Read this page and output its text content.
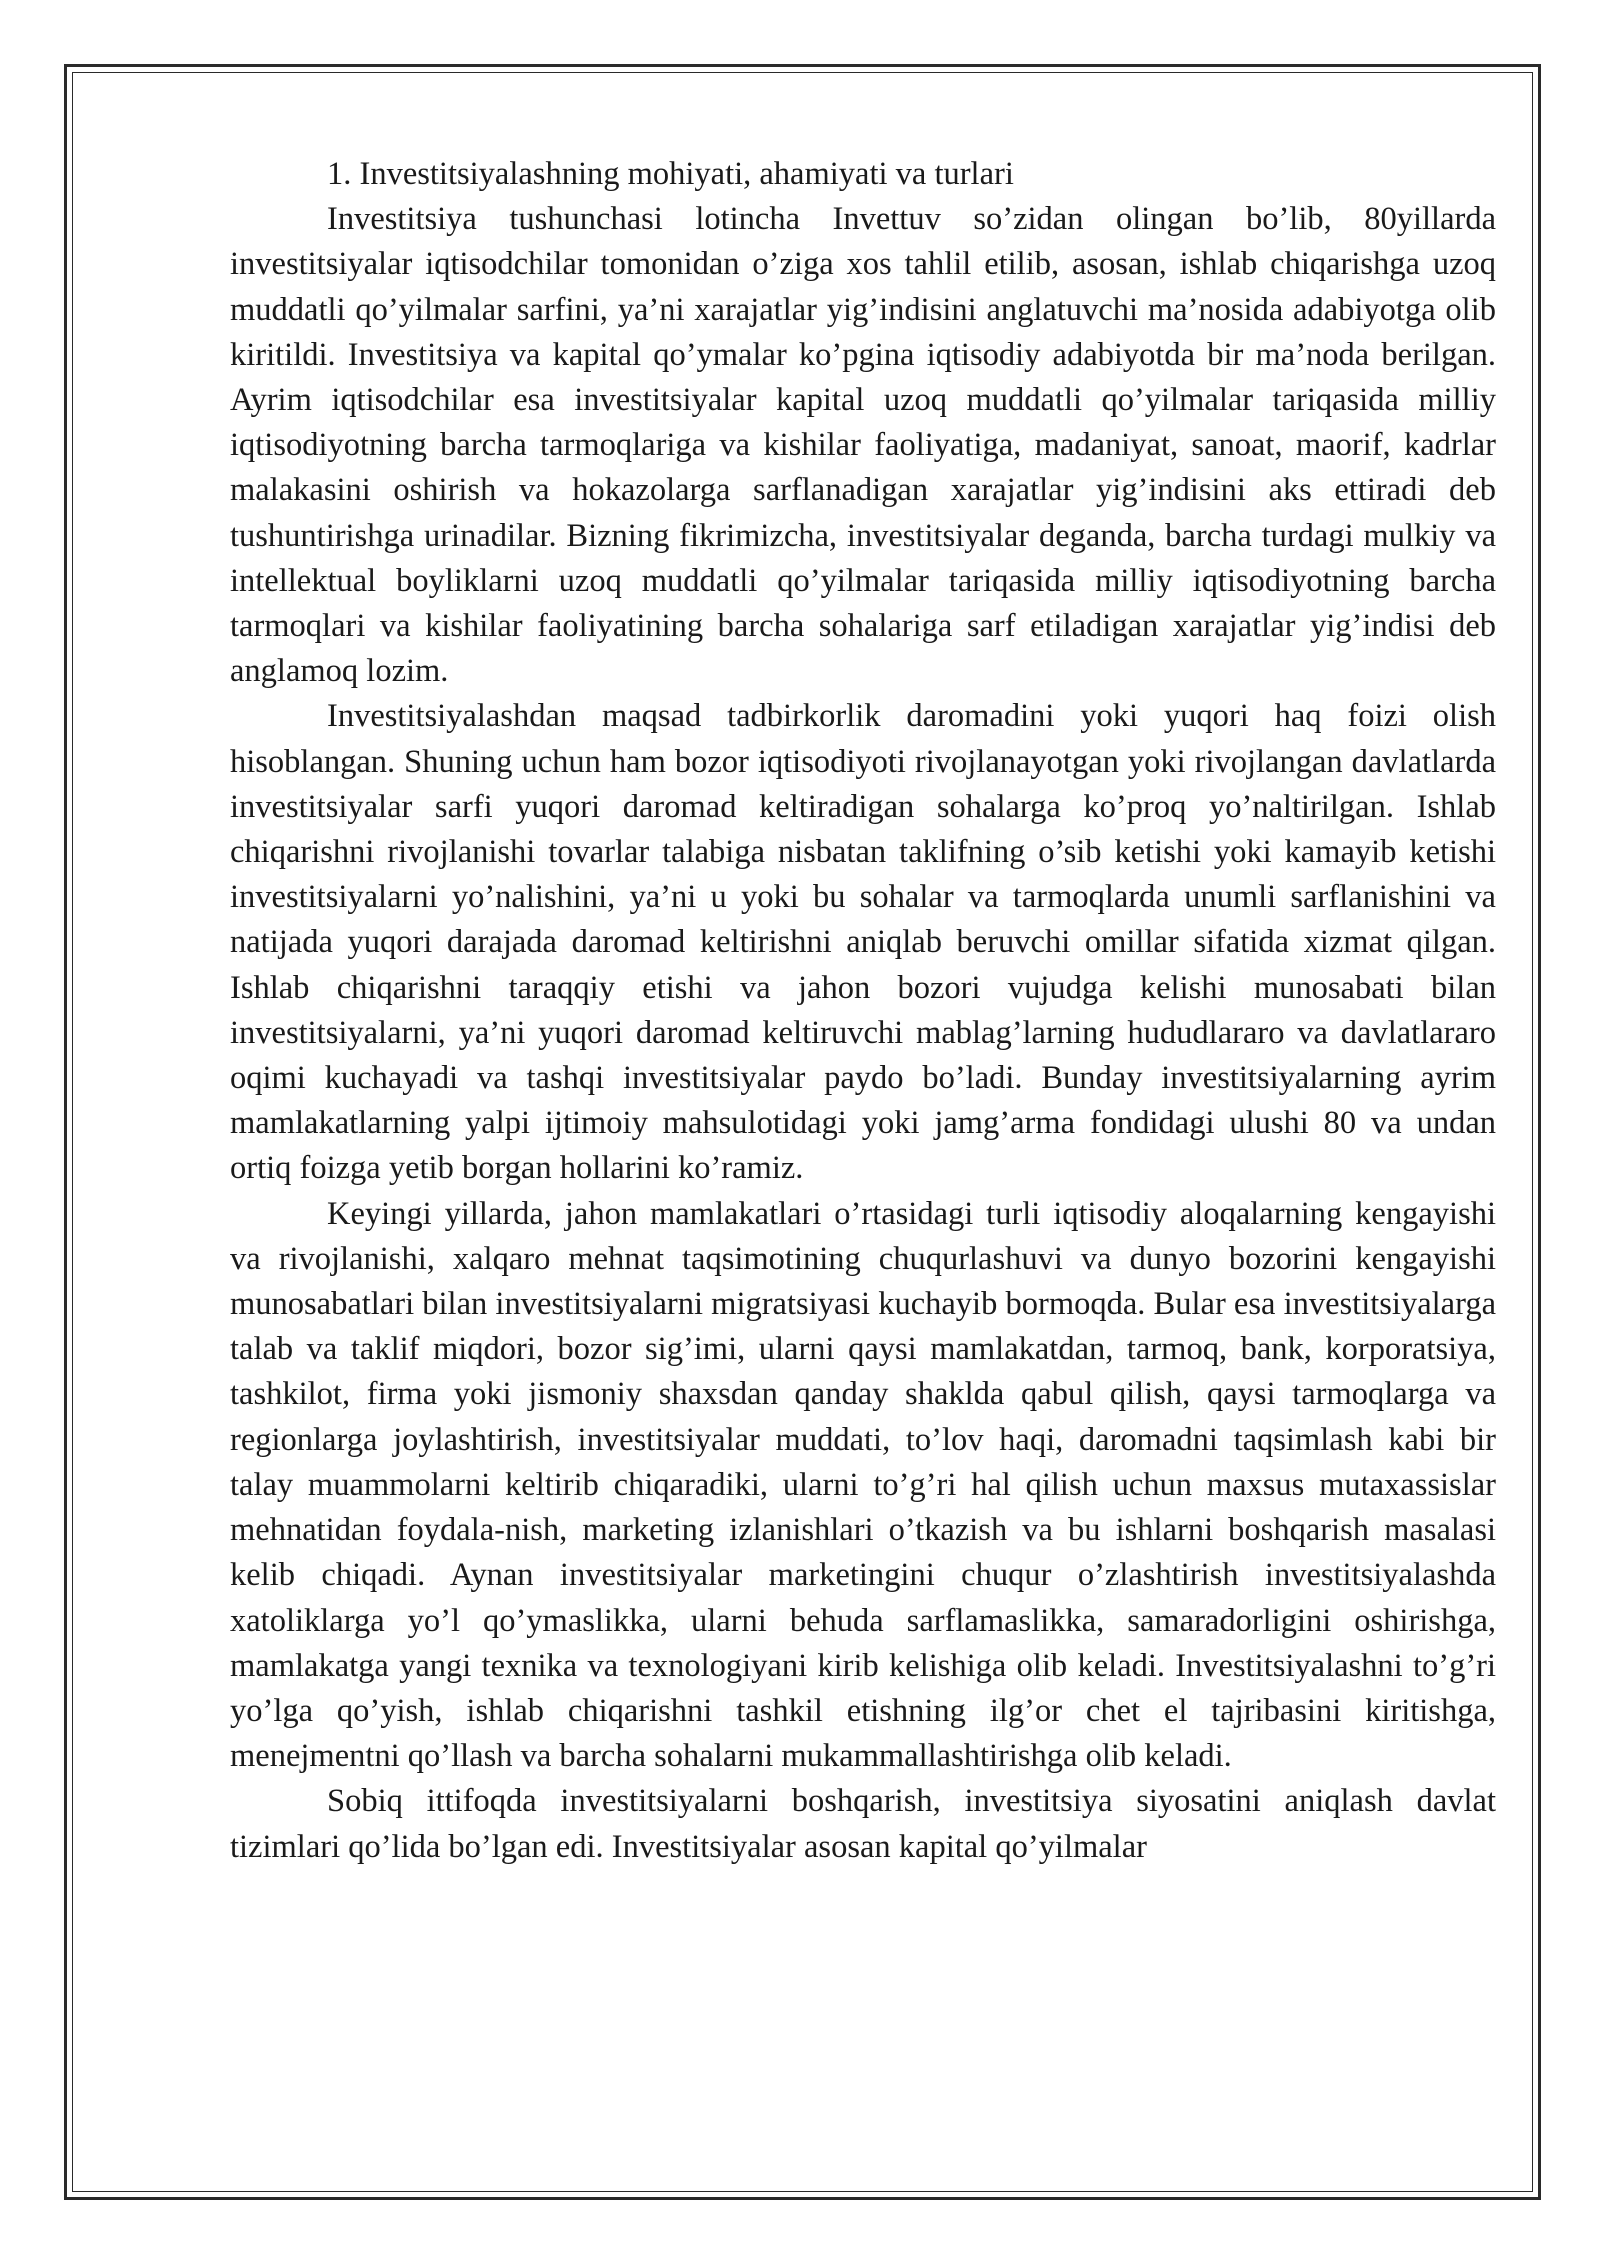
1. Investitsiyalashning mohiyati, ahamiyati va turlari

Investitsiya tushunchasi lotincha Invettuv so’zidan olingan bo’lib, 80yillarda investitsiyalar iqtisodchilar tomonidan o’ziga xos tahlil etilib, asosan, ishlab chiqarishga uzoq muddatli qo’yilmalar sarfini, ya’ni xarajatlar yig’indisini anglatuvchi ma’nosida adabiyotga olib kiritildi. Investitsiya va kapital qo’ymalar ko’pgina iqtisodiy adabiyotda bir ma’noda berilgan. Ayrim iqtisodchilar esa investitsiyalar kapital uzoq muddatli qo’yilmalar tariqasida milliy iqtisodiyotning barcha tarmoqlariga va kishilar faoliyatiga, madaniyat, sanoat, maorif, kadrlar malakasini oshirish va hokazolarga sarflanadigan xarajatlar yig’indisini aks ettiradi deb tushuntirishga urinadilar. Bizning fikrimizcha, investitsiyalar deganda, barcha turdagi mulkiy va intellektual boyliklarni uzoq muddatli qo’yilmalar tariqasida milliy iqtisodiyotning barcha tarmoqlari va kishilar faoliyatining barcha sohalariga sarf etiladigan xarajatlar yig’indisi deb anglamoq lozim.

Investitsiyalashdan maqsad tadbirkorlik daromadini yoki yuqori haq foizi olish hisoblangan. Shuning uchun ham bozor iqtisodiyoti rivojlanayotgan yoki rivojlangan davlatlarda investitsiyalar sarfi yuqori daromad keltiradigan sohalarga ko’proq yo’naltirilgan. Ishlab chiqarishni rivojlanishi tovarlar talabiga nisbatan taklifning o’sib ketishi yoki kamayib ketishi investitsiyalarni yo’nalishini, ya’ni u yoki bu sohalar va tarmoqlarda unumli sarflanishini va natijada yuqori darajada daromad keltirishni aniqlab beruvchi omillar sifatida xizmat qilgan. Ishlab chiqarishni taraqqiy etishi va jahon bozori vujudga kelishi munosabati bilan investitsiyalarni, ya’ni yuqori daromad keltiruvchi mablag’larning hududlararo va davlatlararo oqimi kuchayadi va tashqi investitsiyalar paydo bo’ladi. Bunday investitsiyalarning ayrim mamlakatlarning yalpi ijtimoiy mahsulotidagi yoki jamg’arma fondidagi ulushi 80 va undan ortiq foizga yetib borgan hollarini ko’ramiz.

Keyingi yillarda, jahon mamlakatlari o’rtasidagi turli iqtisodiy aloqalarning kengayishi va rivojlanishi, xalqaro mehnat taqsimotining chuqurlashuvi va dunyo bozorini kengayishi munosabatlari bilan investitsiyalarni migratsiyasi kuchayib bormoqda. Bular esa investitsiyalarga talab va taklif miqdori, bozor sig’imi, ularni qaysi mamlakatdan, tarmoq, bank, korporatsiya, tashkilot, firma yoki jismoniy shaxsdan qanday shaklda qabul qilish, qaysi tarmoqlarga va regionlarga joylashtirish, investitsiyalar muddati, to’lov haqi, daromadni taqsimlash kabi bir talay muammolarni keltirib chiqaradiki, ularni to’g’ri hal qilish uchun maxsus mutaxassislar mehnatidan foydala-nish, marketing izlanishlari o’tkazish va bu ishlarni boshqarish masalasi kelib chiqadi. Aynan investitsiyalar marketingini chuqur o’zlashtirish investitsiyalashda xatoliklarga yo’l qo’ymaslikka, ularni behuda sarflamaslikka, samaradorligini oshirishga, mamlakatga yangi texnika va texnologiyani kirib kelishiga olib keladi. Investitsiyalashni to’g’ri yo’lga qo’yish, ishlab chiqarishni tashkil etishning ilg’or chet el tajribasini kiritishga, menejmentni qo’llash va barcha sohalarni mukammallashtirishga olib keladi.

Sobiq ittifoqda investitsiyalarni boshqarish, investitsiya siyosatini aniqlash davlat tizimlari qo’lida bo’lgan edi. Investitsiyalar asosan kapital qo’yilmalar
